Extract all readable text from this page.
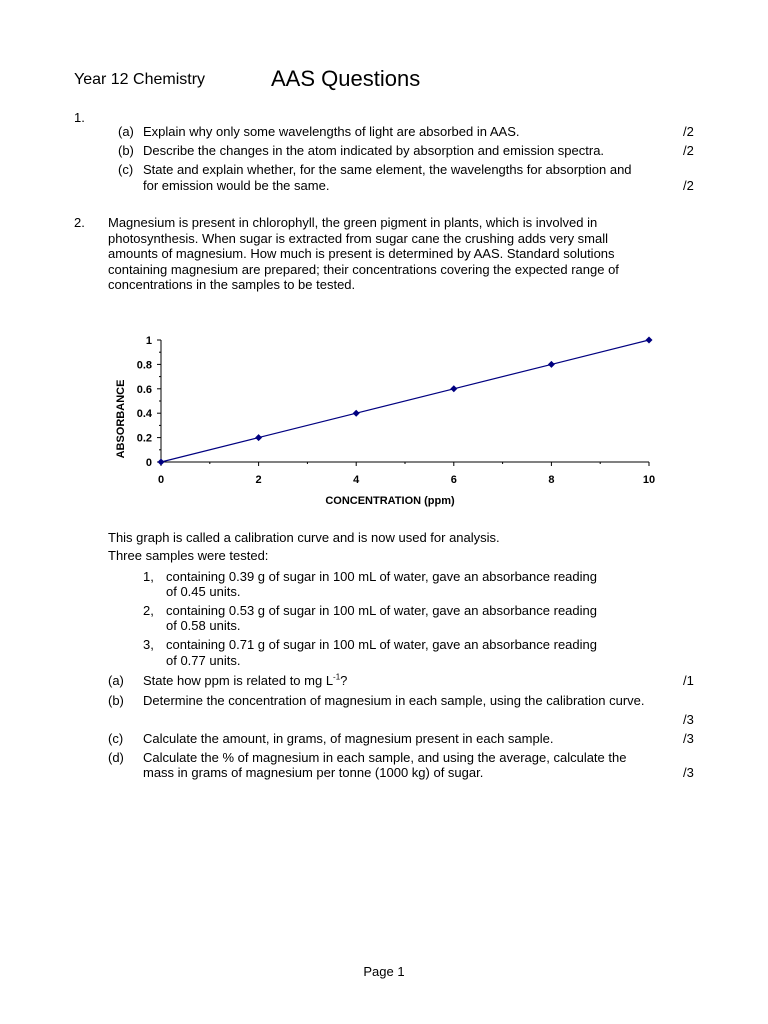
Year 12 Chemistry	AAS Questions
1.
(a) Explain why only some wavelengths of light are absorbed in AAS.	/2
(b) Describe the changes in the atom indicated by absorption and emission spectra.	/2
(c) State and explain whether, for the same element, the wavelengths for absorption and
for emission would be the same.	/2
2. Magnesium is present in chlorophyll, the green pigment in plants, which is involved in
photosynthesis. When sugar is extracted from sugar cane the crushing adds very small
amounts of magnesium. How much is present is determined by AAS. Standard solutions
containing magnesium are prepared; their concentrations covering the expected range of
concentrations in the samples to be tested.
0
0.2
0.4
0.6
0.8
1
0	2	4	6	8	10
CONCENTRATION (ppm)
ABSORBANCE
This graph is called a calibration curve and is now used for analysis.
Three samples were tested:
1, containing 0.39 g of sugar in 100 mL of water, gave an absorbance reading
of 0.45 units.
2, containing 0.53 g of sugar in 100 mL of water, gave an absorbance reading
of 0.58 units.
3, containing 0.71 g of sugar in 100 mL of water, gave an absorbance reading
of 0.77 units.
(a) State how ppm is related to mg $L^{-1}$?	/1
(b) Determine the concentration of magnesium in each sample, using the calibration curve.
/3
(c) Calculate the amount, in grams, of magnesium present in each sample.	/3
(d) Calculate the % of magnesium in each sample, and using the average, calculate the
mass in grams of magnesium per tonne (1000 kg) of sugar.	/3
Page 1
